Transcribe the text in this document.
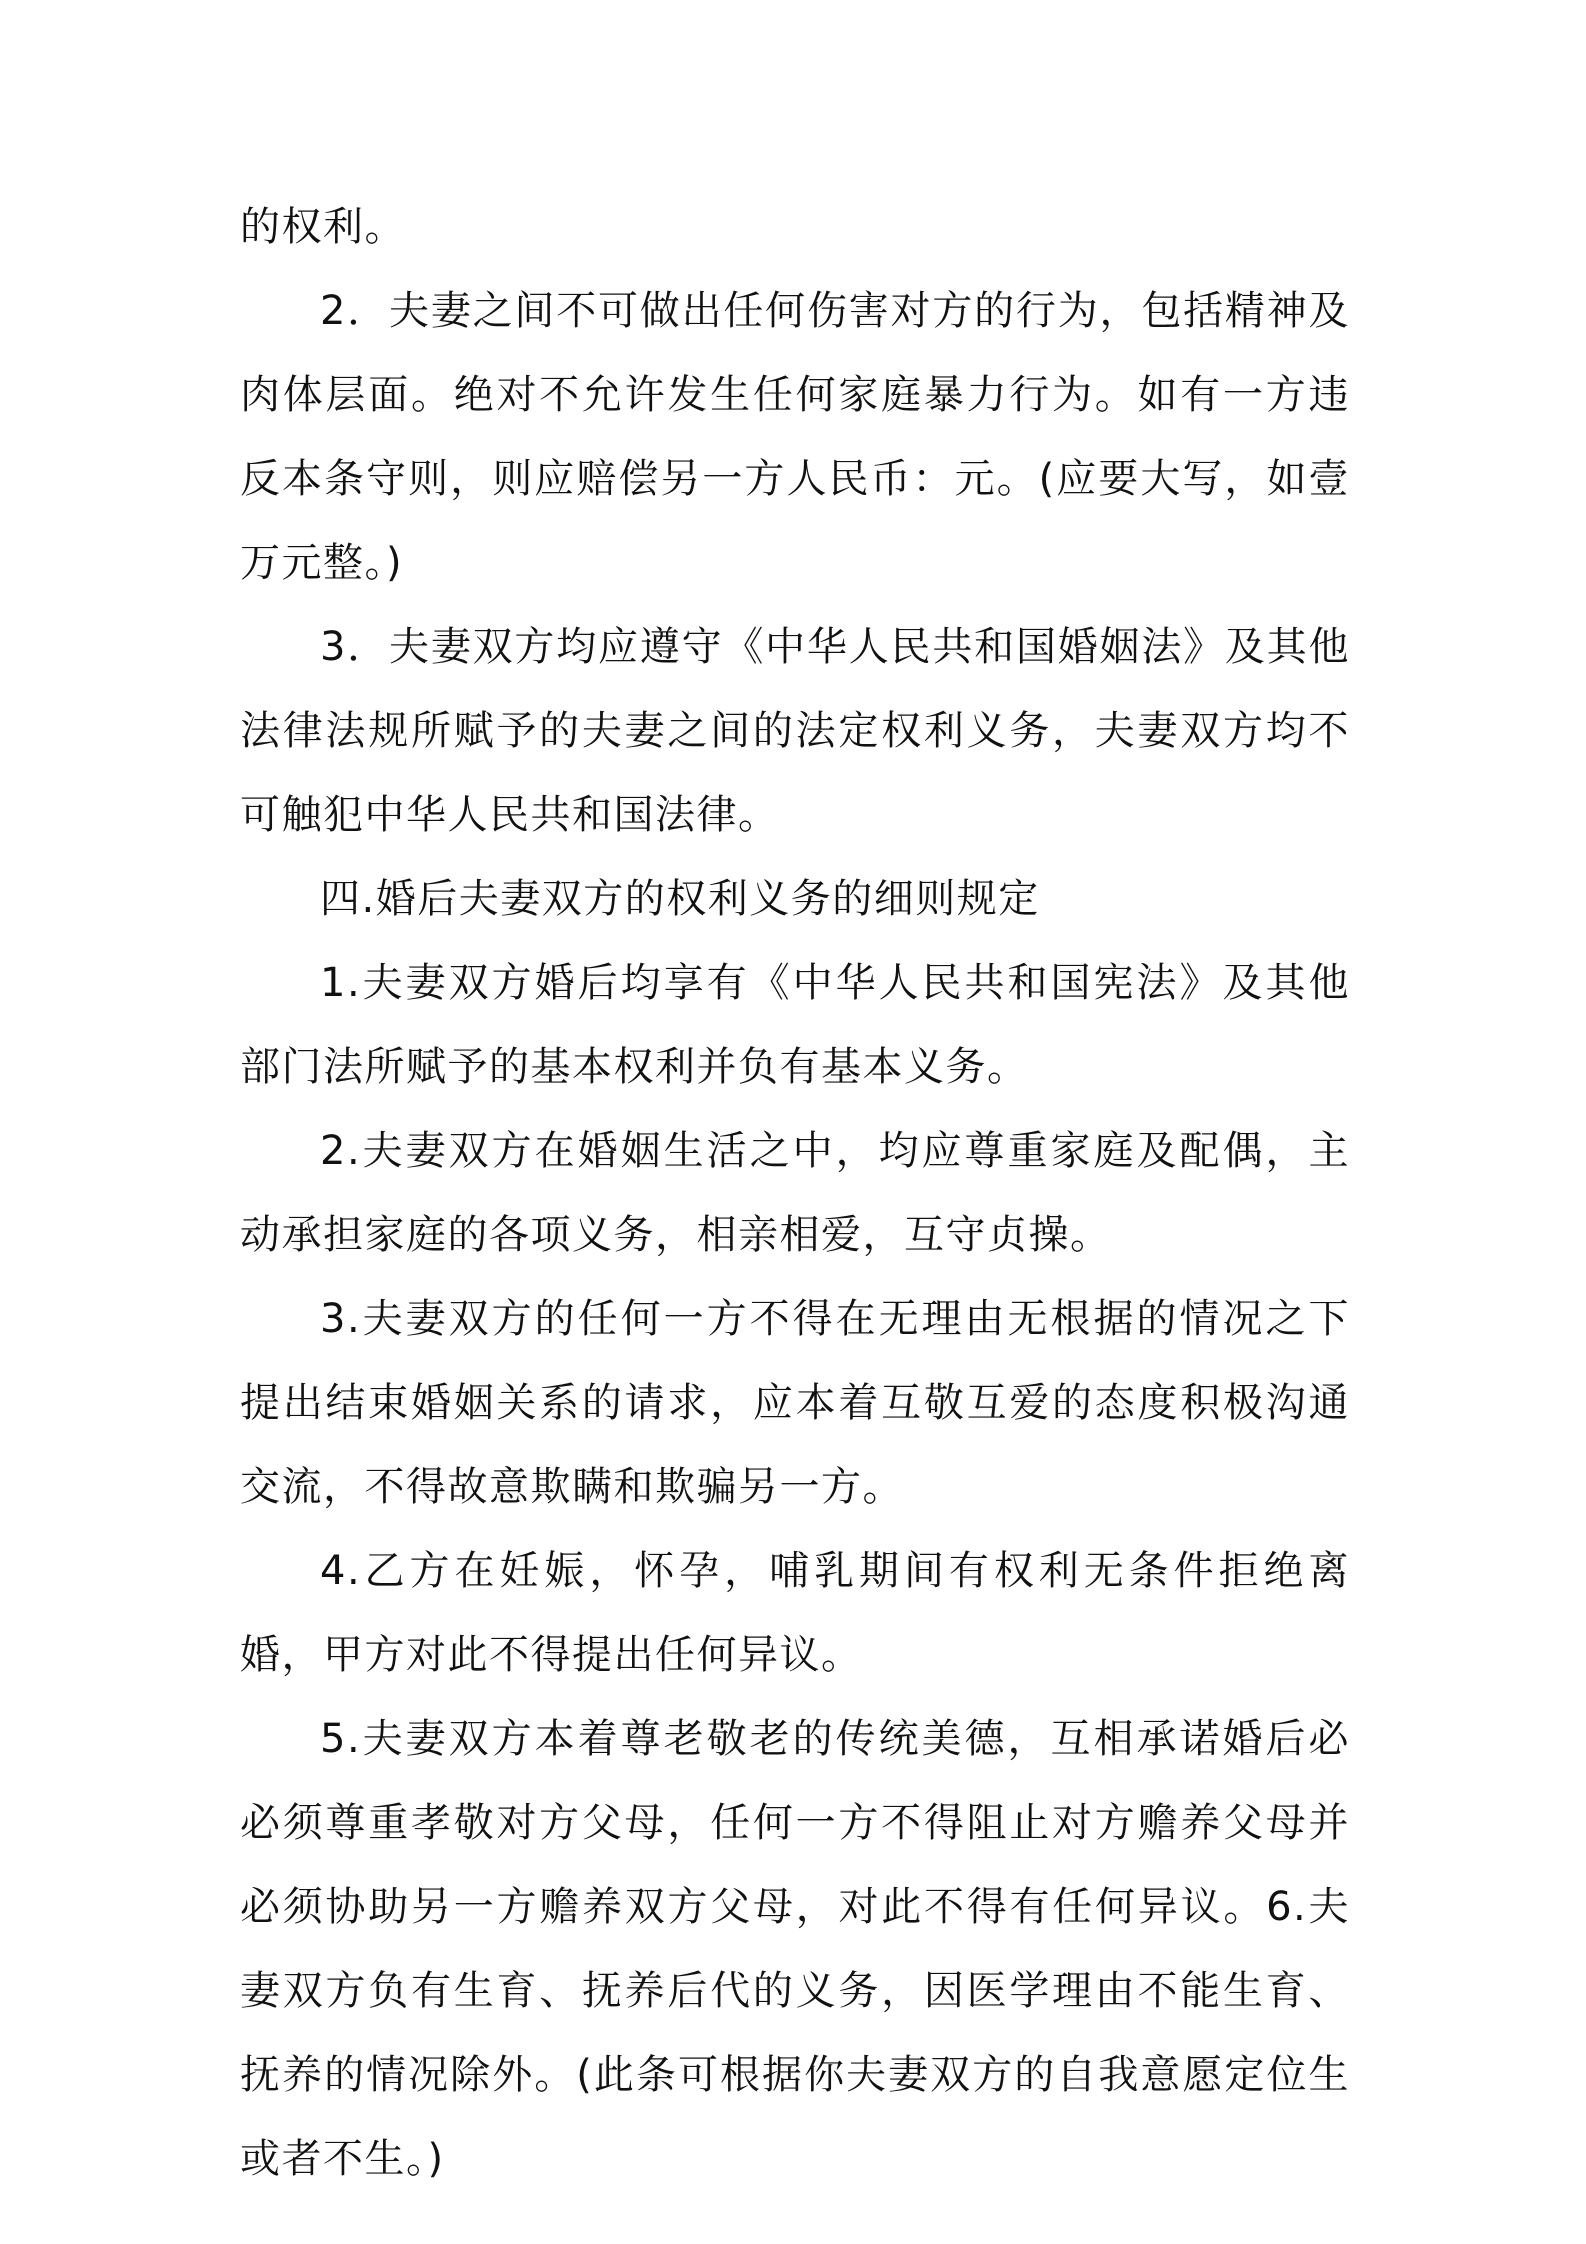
的权利。

2．夫妻之间不可做出任何伤害对方的行为，包括精神及肉体层面。绝对不允许发生任何家庭暴力行为。如有一方违反本条守则，则应赔偿另一方人民币：元。(应要大写，如壹万元整。)

3．夫妻双方均应遵守《中华人民共和国婚姻法》及其他法律法规所赋予的夫妻之间的法定权利义务，夫妻双方均不可触犯中华人民共和国法律。

四.婚后夫妻双方的权利义务的细则规定

1.夫妻双方婚后均享有《中华人民共和国宪法》及其他部门法所赋予的基本权利并负有基本义务。

2.夫妻双方在婚姻生活之中，均应尊重家庭及配偶，主动承担家庭的各项义务，相亲相爱，互守贞操。

3.夫妻双方的任何一方不得在无理由无根据的情况之下提出结束婚姻关系的请求，应本着互敬互爱的态度积极沟通交流，不得故意欺瞒和欺骗另一方。

4.乙方在妊娠，怀孕，哺乳期间有权利无条件拒绝离婚，甲方对此不得提出任何异议。

5.夫妻双方本着尊老敬老的传统美德，互相承诺婚后必必须尊重孝敬对方父母，任何一方不得阻止对方赡养父母并必须协助另一方赡养双方父母，对此不得有任何异议。6.夫妻双方负有生育、抚养后代的义务，因医学理由不能生育、抚养的情况除外。(此条可根据你夫妻双方的自我意愿定位生或者不生。)
